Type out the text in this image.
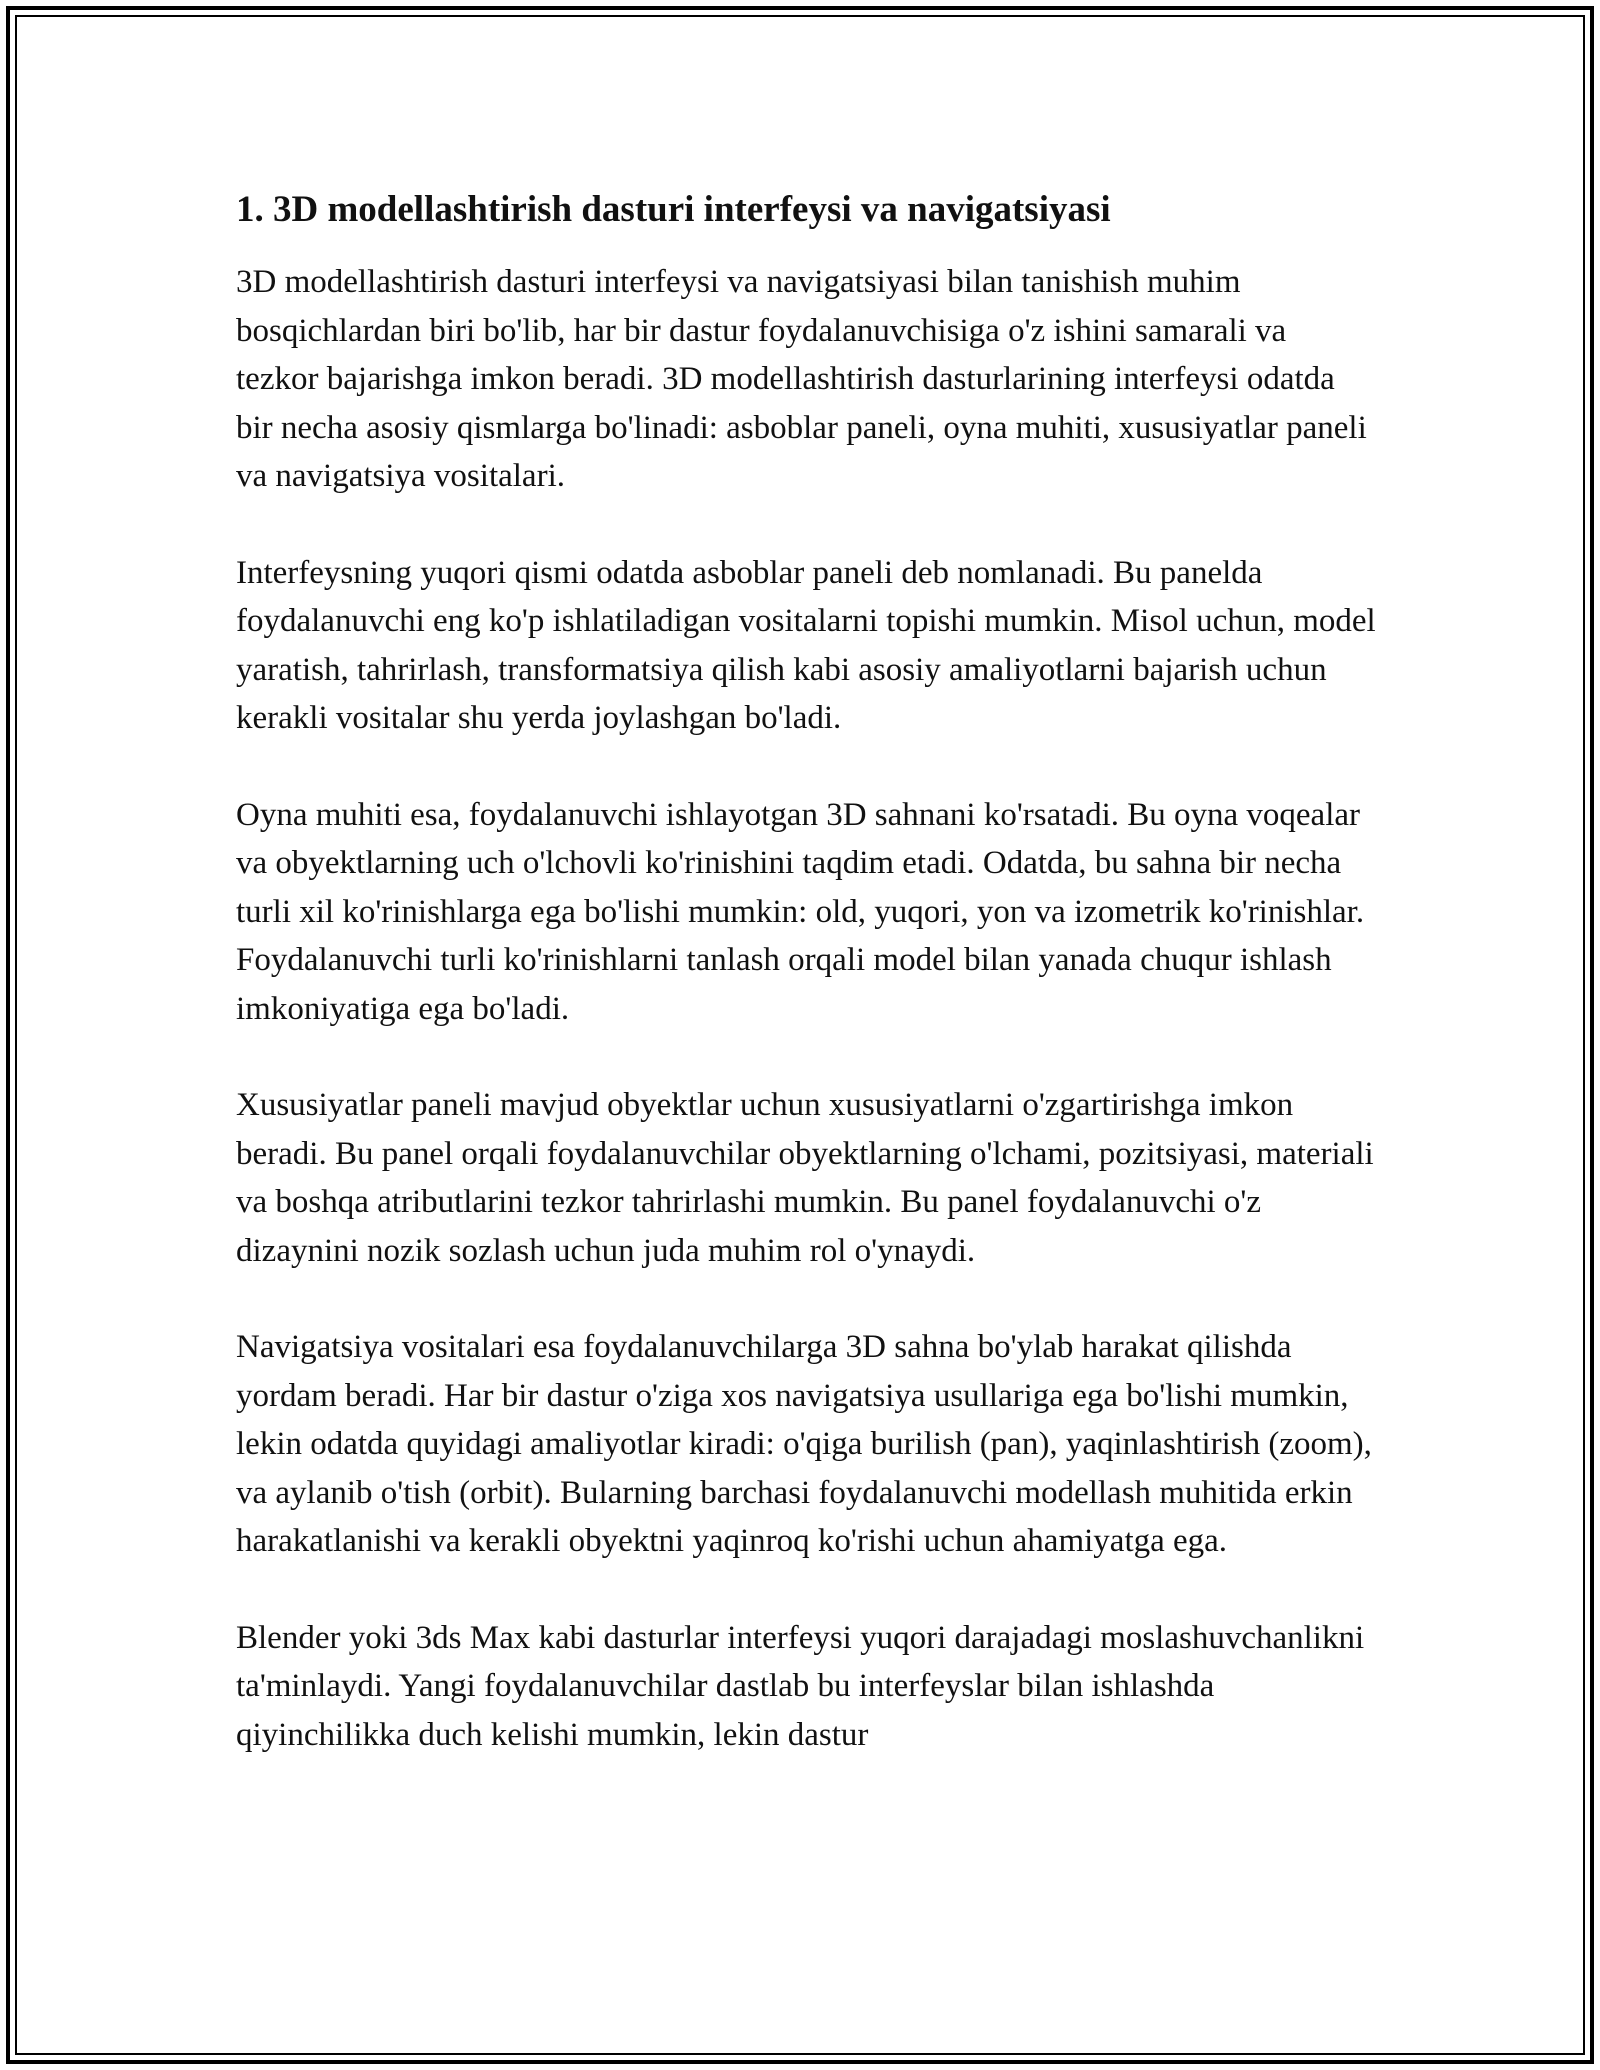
1. 3D modellashtirish dasturi interfeysi va navigatsiyasi

3D modellashtirish dasturi interfeysi va navigatsiyasi bilan tanishish muhim bosqichlardan biri bo'lib, har bir dastur foydalanuvchisiga o'z ishini samarali va tezkor bajarishga imkon beradi. 3D modellashtirish dasturlarining interfeysi odatda bir necha asosiy qismlarga bo'linadi: asboblar paneli, oyna muhiti, xususiyatlar paneli va navigatsiya vositalari.

Interfeysning yuqori qismi odatda asboblar paneli deb nomlanadi. Bu panelda foydalanuvchi eng ko'p ishlatiladigan vositalarni topishi mumkin. Misol uchun, model yaratish, tahrirlash, transformatsiya qilish kabi asosiy amaliyotlarni bajarish uchun kerakli vositalar shu yerda joylashgan bo'ladi.

Oyna muhiti esa, foydalanuvchi ishlayotgan 3D sahnani ko'rsatadi. Bu oyna voqealar va obyektlarning uch o'lchovli ko'rinishini taqdim etadi. Odatda, bu sahna bir necha turli xil ko'rinishlarga ega bo'lishi mumkin: old, yuqori, yon va izometrik ko'rinishlar. Foydalanuvchi turli ko'rinishlarni tanlash orqali model bilan yanada chuqur ishlash imkoniyatiga ega bo'ladi.

Xususiyatlar paneli mavjud obyektlar uchun xususiyatlarni o'zgartirishga imkon beradi. Bu panel orqali foydalanuvchilar obyektlarning o'lchami, pozitsiyasi, materiali va boshqa atributlarini tezkor tahrirlashi mumkin. Bu panel foydalanuvchi o'z dizaynini nozik sozlash uchun juda muhim rol o'ynaydi.

Navigatsiya vositalari esa foydalanuvchilarga 3D sahna bo'ylab harakat qilishda yordam beradi. Har bir dastur o'ziga xos navigatsiya usullariga ega bo'lishi mumkin, lekin odatda quyidagi amaliyotlar kiradi: o'qiga burilish (pan), yaqinlashtirish (zoom), va aylanib o'tish (orbit). Bularning barchasi foydalanuvchi modellash muhitida erkin harakatlanishi va kerakli obyektni yaqinroq ko'rishi uchun ahamiyatga ega.

Blender yoki 3ds Max kabi dasturlar interfeysi yuqori darajadagi moslashuvchanlikni ta'minlaydi. Yangi foydalanuvchilar dastlab bu interfeyslar bilan ishlashda qiyinchilikka duch kelishi mumkin, lekin dastur
